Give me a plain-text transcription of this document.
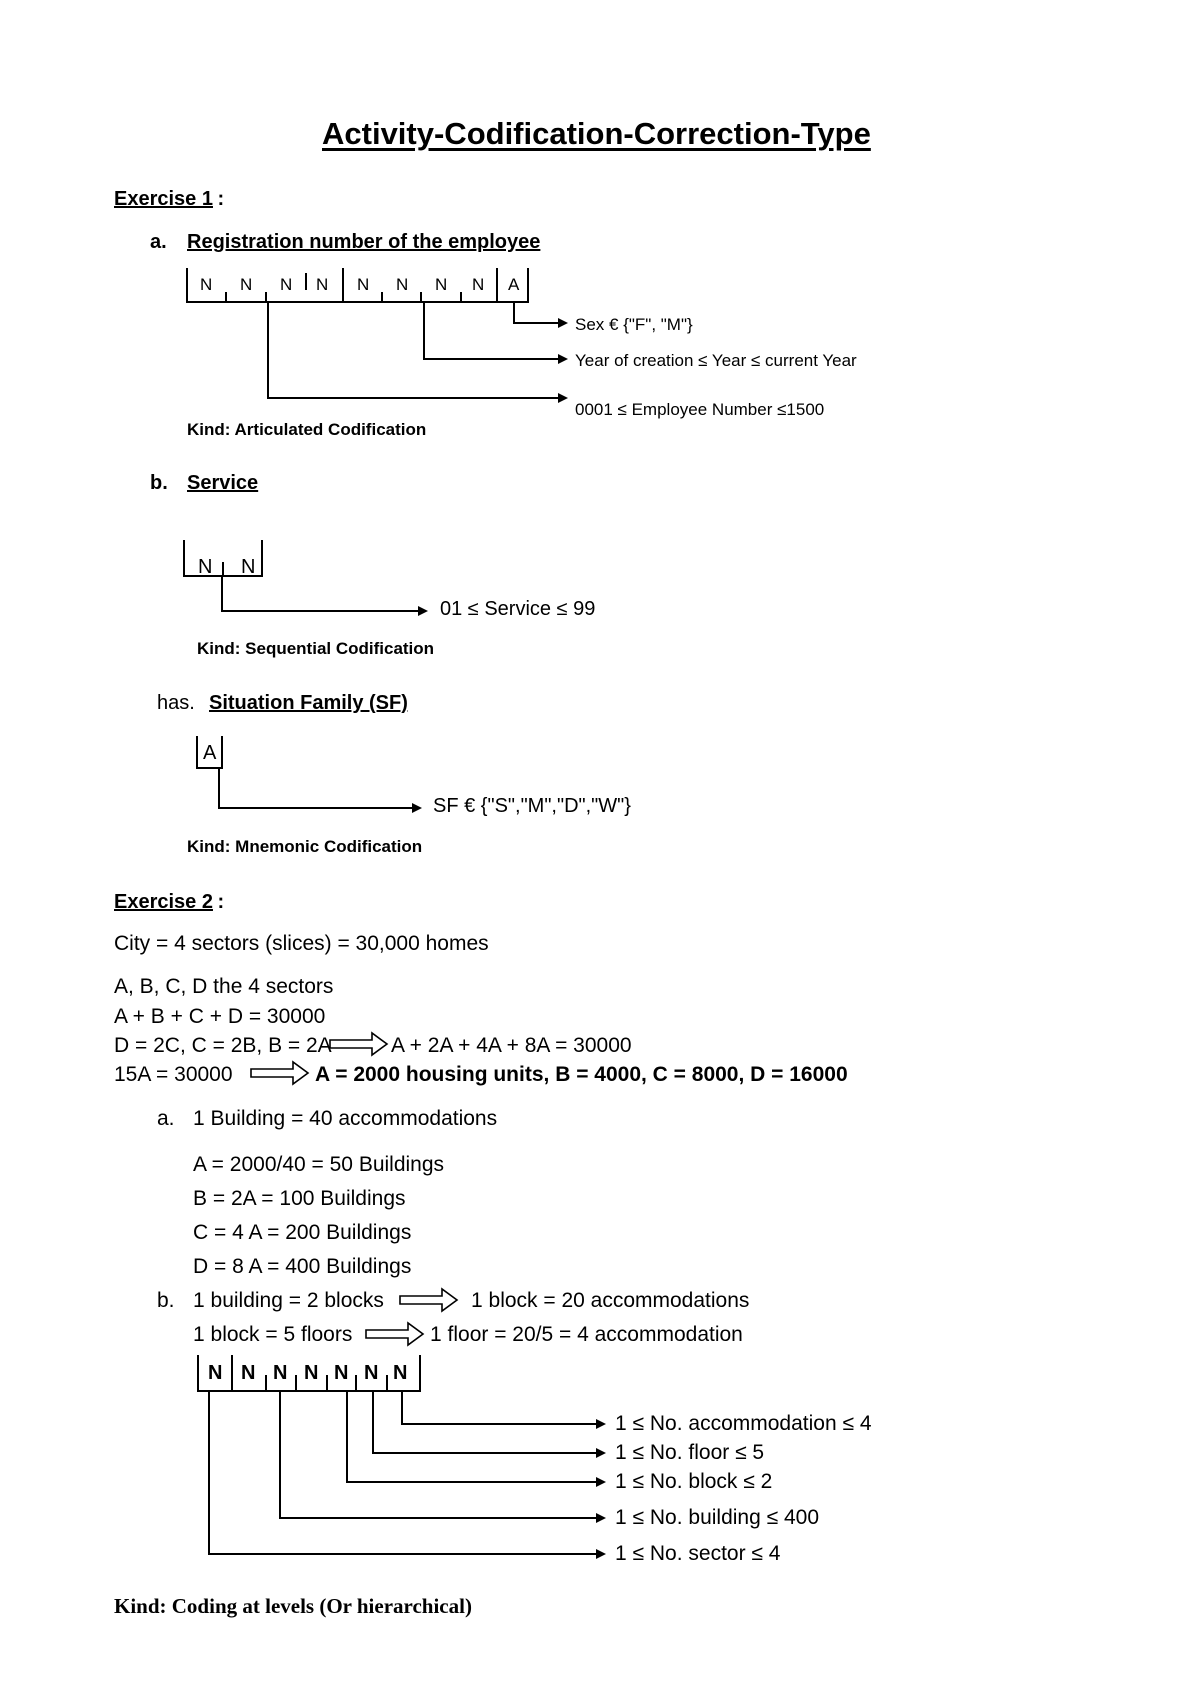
Activity-Codification-Correction-Type
Exercise 1 :
a. Registration number of the employee
N N N N N N N N A
Sex € {"F", "M"}
Year of creation ≤ Year ≤ current Year
0001 ≤ Employee Number ≤1500
Kind: Articulated Codification
b. Service
N N
01 ≤ Service ≤ 99
Kind: Sequential Codification
has. Situation Family (SF)
A
SF € {"S","M","D","W"}
Kind: Mnemonic Codification
Exercise 2 :
City = 4 sectors (slices) = 30,000 homes
A, B, C, D the 4 sectors
A + B + C + D = 30000
D = 2C, C = 2B, B = 2A	A + 2A + 4A + 8A = 30000
15A = 30000	A = 2000 housing units, B = 4000, C = 8000, D = 16000
a. 1 Building = 40 accommodations
A = 2000/40 = 50 Buildings
B = 2A = 100 Buildings
C = 4 A = 200 Buildings
D = 8 A = 400 Buildings
b. 1 building = 2 blocks	1 block = 20 accommodations
1 block = 5 floors	1 floor = 20/5 = 4 accommodation
N N N N N N N
1 ≤ No. accommodation ≤ 4
1 ≤ No. floor ≤ 5
1 ≤ No. block ≤ 2
1 ≤ No. building ≤ 400
1 ≤ No. sector ≤ 4
Kind: Coding at levels (Or hierarchical)
